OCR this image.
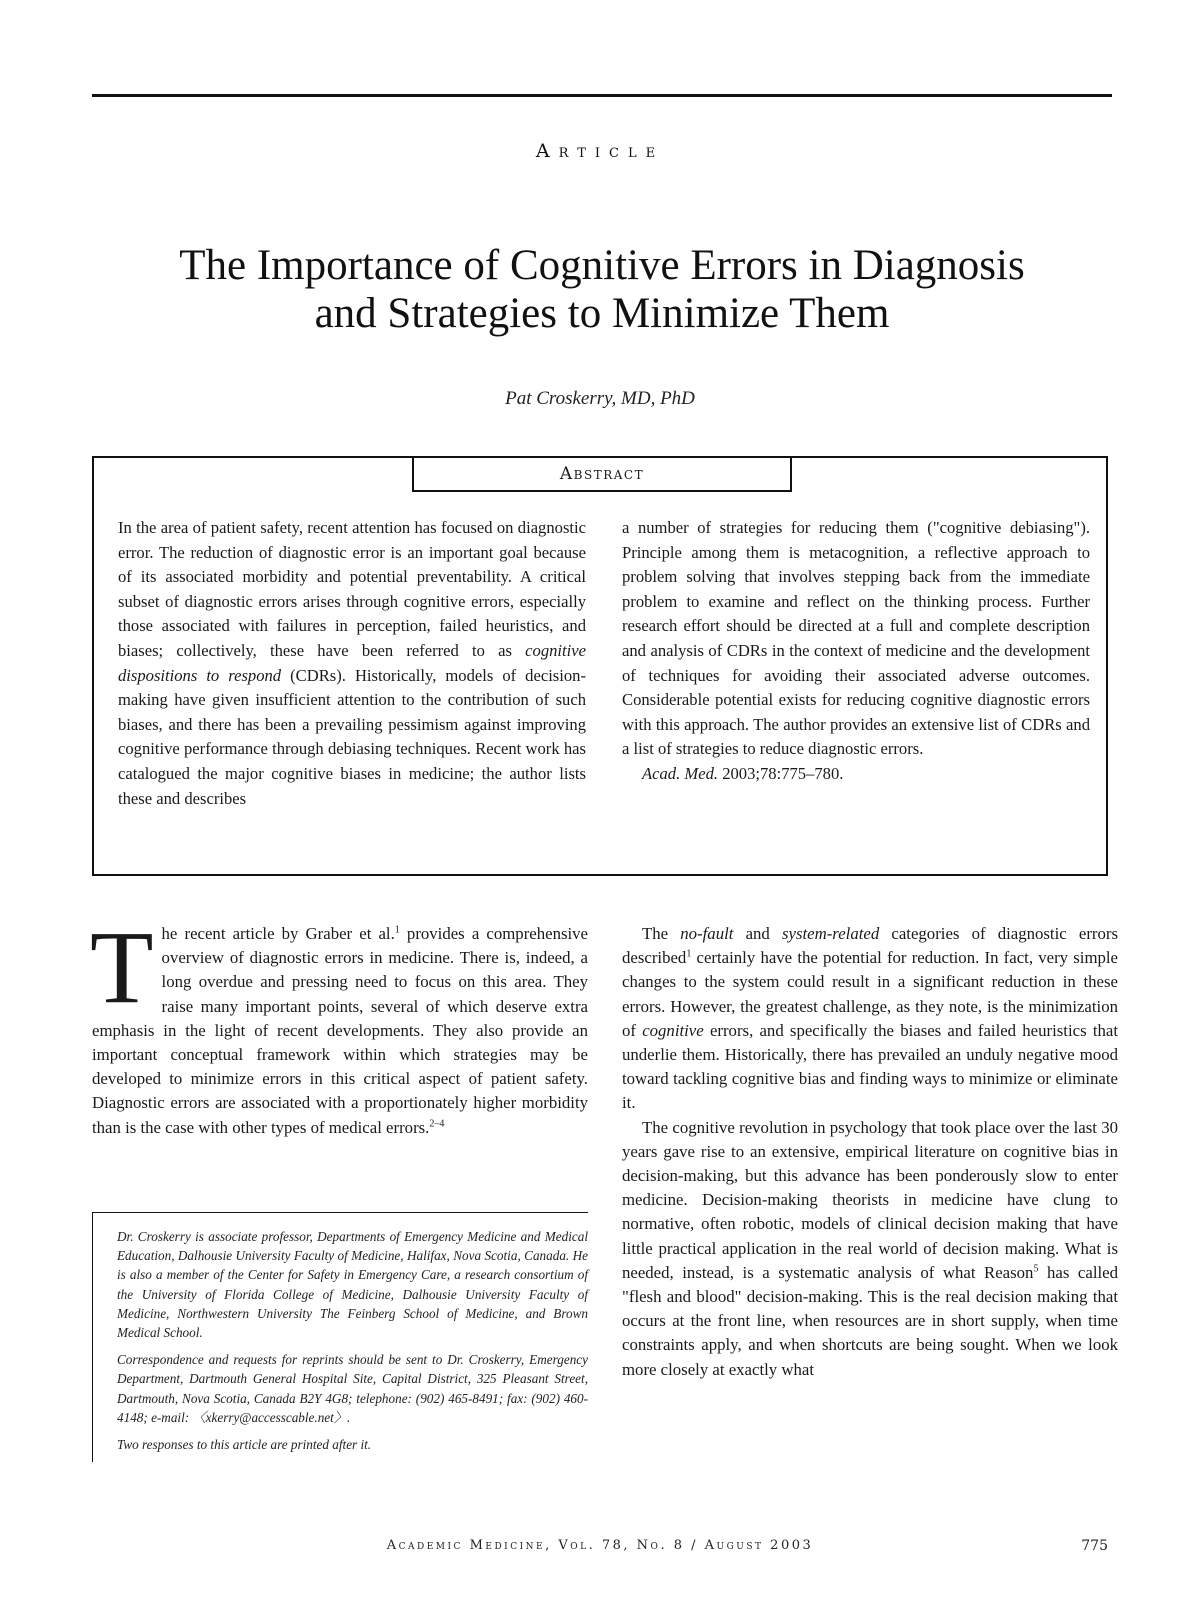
Article
The Importance of Cognitive Errors in Diagnosis
and Strategies to Minimize Them
Pat Croskerry, MD, PhD
Abstract

In the area of patient safety, recent attention has focused on diagnostic error. The reduction of diagnostic error is an important goal because of its associated morbidity and potential preventability. A critical subset of diagnostic errors arises through cognitive errors, especially those associated with failures in perception, failed heuristics, and biases; collectively, these have been referred to as cognitive dispositions to respond (CDRs). Historically, models of decision-making have given insufficient attention to the contribution of such biases, and there has been a prevailing pessimism against improving cognitive performance through debiasing techniques. Recent work has catalogued the major cognitive biases in medicine; the author lists these and describes

a number of strategies for reducing them ("cognitive debiasing"). Principle among them is metacognition, a reflective approach to problem solving that involves stepping back from the immediate problem to examine and reflect on the thinking process. Further research effort should be directed at a full and complete description and analysis of CDRs in the context of medicine and the development of techniques for avoiding their associated adverse outcomes. Considerable potential exists for reducing cognitive diagnostic errors with this approach. The author provides an extensive list of CDRs and a list of strategies to reduce diagnostic errors.
Acad. Med. 2003;78:775–780.

The recent article by Graber et al.$^1$ provides a comprehensive overview of diagnostic errors in medicine. There is, indeed, a long overdue and pressing need to focus on this area. They raise many important points, several of which deserve extra emphasis in the light of recent developments. They also provide an important conceptual framework within which strategies may be developed to minimize errors in this critical aspect of patient safety. Diagnostic errors are associated with a proportionately higher morbidity than is the case with other types of medical errors.$^{2-4}$

Dr. Croskerry is associate professor, Departments of Emergency Medicine and Medical Education, Dalhousie University Faculty of Medicine, Halifax, Nova Scotia, Canada. He is also a member of the Center for Safety in Emergency Care, a research consortium of the University of Florida College of Medicine, Dalhousie University Faculty of Medicine, Northwestern University The Feinberg School of Medicine, and Brown Medical School.

Correspondence and requests for reprints should be sent to Dr. Croskerry, Emergency Department, Dartmouth General Hospital Site, Capital District, 325 Pleasant Street, Dartmouth, Nova Scotia, Canada B2Y 4G8; telephone: (902) 465-8491; fax: (902) 460-4148; e-mail: 〈xkerry@accesscable.net〉.

Two responses to this article are printed after it.

The no-fault and system-related categories of diagnostic errors described$^1$ certainly have the potential for reduction. In fact, very simple changes to the system could result in a significant reduction in these errors. However, the greatest challenge, as they note, is the minimization of cognitive errors, and specifically the biases and failed heuristics that underlie them. Historically, there has prevailed an unduly negative mood toward tackling cognitive bias and finding ways to minimize or eliminate it.
The cognitive revolution in psychology that took place over the last 30 years gave rise to an extensive, empirical literature on cognitive bias in decision-making, but this advance has been ponderously slow to enter medicine. Decision-making theorists in medicine have clung to normative, often robotic, models of clinical decision making that have little practical application in the real world of decision making. What is needed, instead, is a systematic analysis of what Reason$^5$ has called "flesh and blood" decision-making. This is the real decision making that occurs at the front line, when resources are in short supply, when time constraints apply, and when shortcuts are being sought. When we look more closely at exactly what
Academic Medicine, Vol. 78, No. 8 / August 2003	775
